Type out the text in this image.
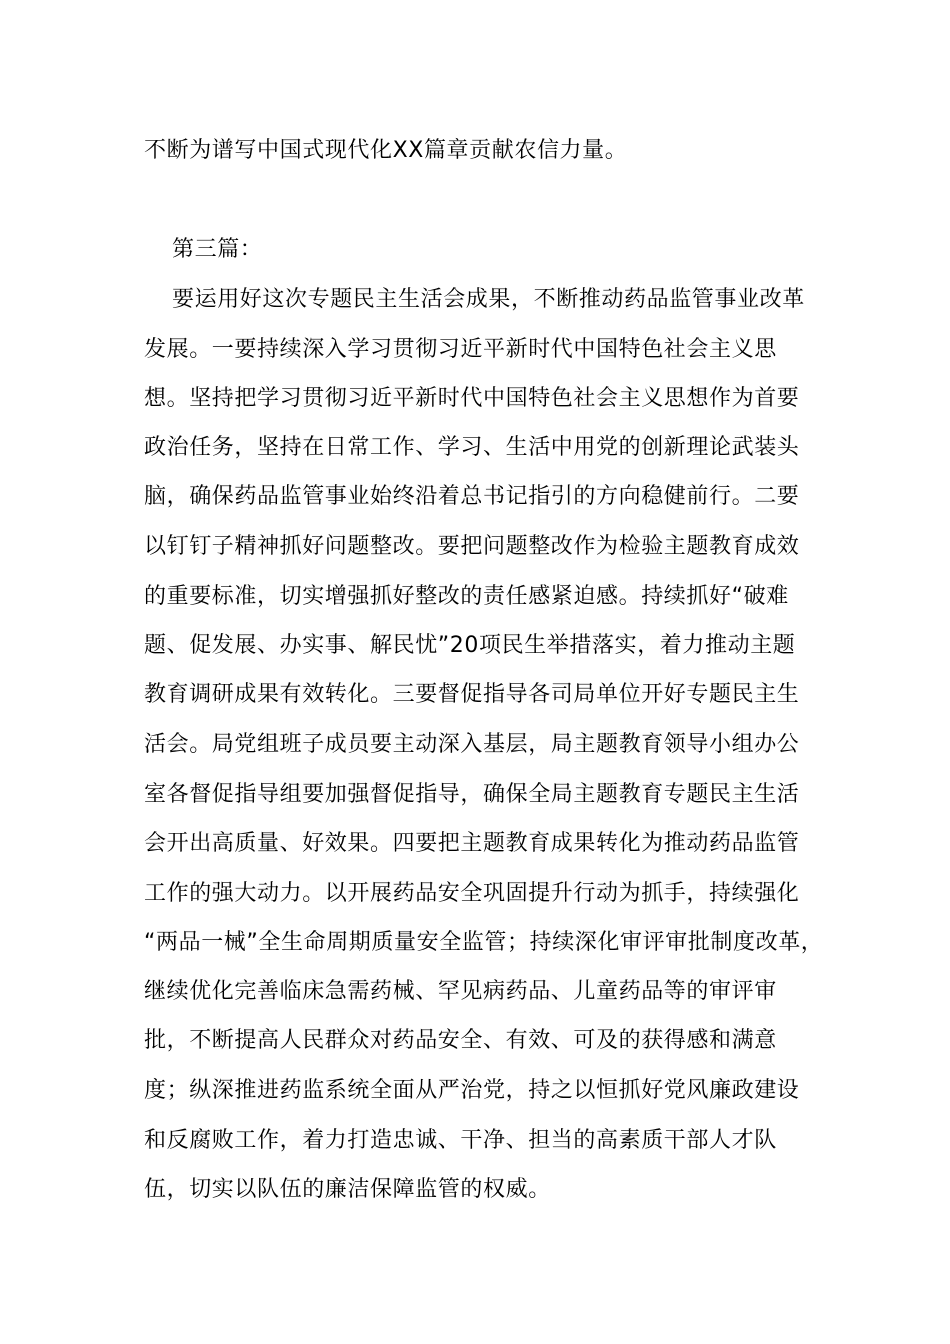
不断为谱写中国式现代化XX篇章贡献农信力量。
第三篇：
要运用好这次专题民主生活会成果，不断推动药品监管事业改革
发展。一要持续深入学习贯彻习近平新时代中国特色社会主义思
想。坚持把学习贯彻习近平新时代中国特色社会主义思想作为首要
政治任务，坚持在日常工作、学习、生活中用党的创新理论武装头
脑，确保药品监管事业始终沿着总书记指引的方向稳健前行。二要
以钉钉子精神抓好问题整改。要把问题整改作为检验主题教育成效
的重要标准，切实增强抓好整改的责任感紧迫感。持续抓好“破难
题、促发展、办实事、解民忧”20项民生举措落实，着力推动主题
教育调研成果有效转化。三要督促指导各司局单位开好专题民主生
活会。局党组班子成员要主动深入基层，局主题教育领导小组办公
室各督促指导组要加强督促指导，确保全局主题教育专题民主生活
会开出高质量、好效果。四要把主题教育成果转化为推动药品监管
工作的强大动力。以开展药品安全巩固提升行动为抓手，持续强化
“两品一械”全生命周期质量安全监管；持续深化审评审批制度改革，
继续优化完善临床急需药械、罕见病药品、儿童药品等的审评审
批，不断提高人民群众对药品安全、有效、可及的获得感和满意
度；纵深推进药监系统全面从严治党，持之以恒抓好党风廉政建设
和反腐败工作，着力打造忠诚、干净、担当的高素质干部人才队
伍，切实以队伍的廉洁保障监管的权威。
